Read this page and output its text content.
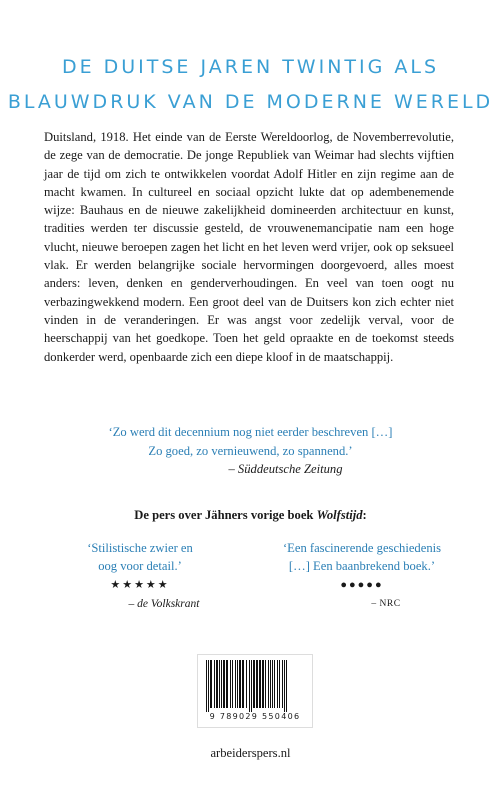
DE DUITSE JAREN TWINTIG ALS
BLAUWDRUK VAN DE MODERNE WERELD
Duitsland, 1918. Het einde van de Eerste Wereldoorlog, de Novemberrevolutie, de zege van de democratie. De jonge Republiek van Weimar had slechts vijftien jaar de tijd om zich te ontwikkelen voordat Adolf Hitler en zijn regime aan de macht kwamen. In cultureel en sociaal opzicht lukte dat op adembenemende wijze: Bauhaus en de nieuwe zakelijkheid domineerden architectuur en kunst, tradities werden ter discussie gesteld, de vrouwenemancipatie nam een hoge vlucht, nieuwe beroepen zagen het licht en het leven werd vrijer, ook op seksueel vlak. Er werden belangrijke sociale hervormingen doorgevoerd, alles moest anders: leven, denken en genderverhoudingen. En veel van toen oogt nu verbazingwekkend modern. Een groot deel van de Duitsers kon zich echter niet vinden in de veranderingen. Er was angst voor zedelijk verval, voor de heerschappij van het goedkope. Toen het geld opraakte en de toekomst steeds donkerder werd, openbaarde zich een diepe kloof in de maatschappij.
‘Zo werd dit decennium nog niet eerder beschreven […]
Zo goed, zo vernieuwend, zo spannend.’
– Süddeutsche Zeitung
De pers over Jähners vorige boek Wolfstijd:
‘Stilistische zwier en
oog voor detail.’
★★★★★
– de Volkskrant
‘Een fascinerende geschiedenis
[…] Een baanbrekend boek.’
●●●●●
– NRC
9 789029 550406
arbeiderspers.nl
